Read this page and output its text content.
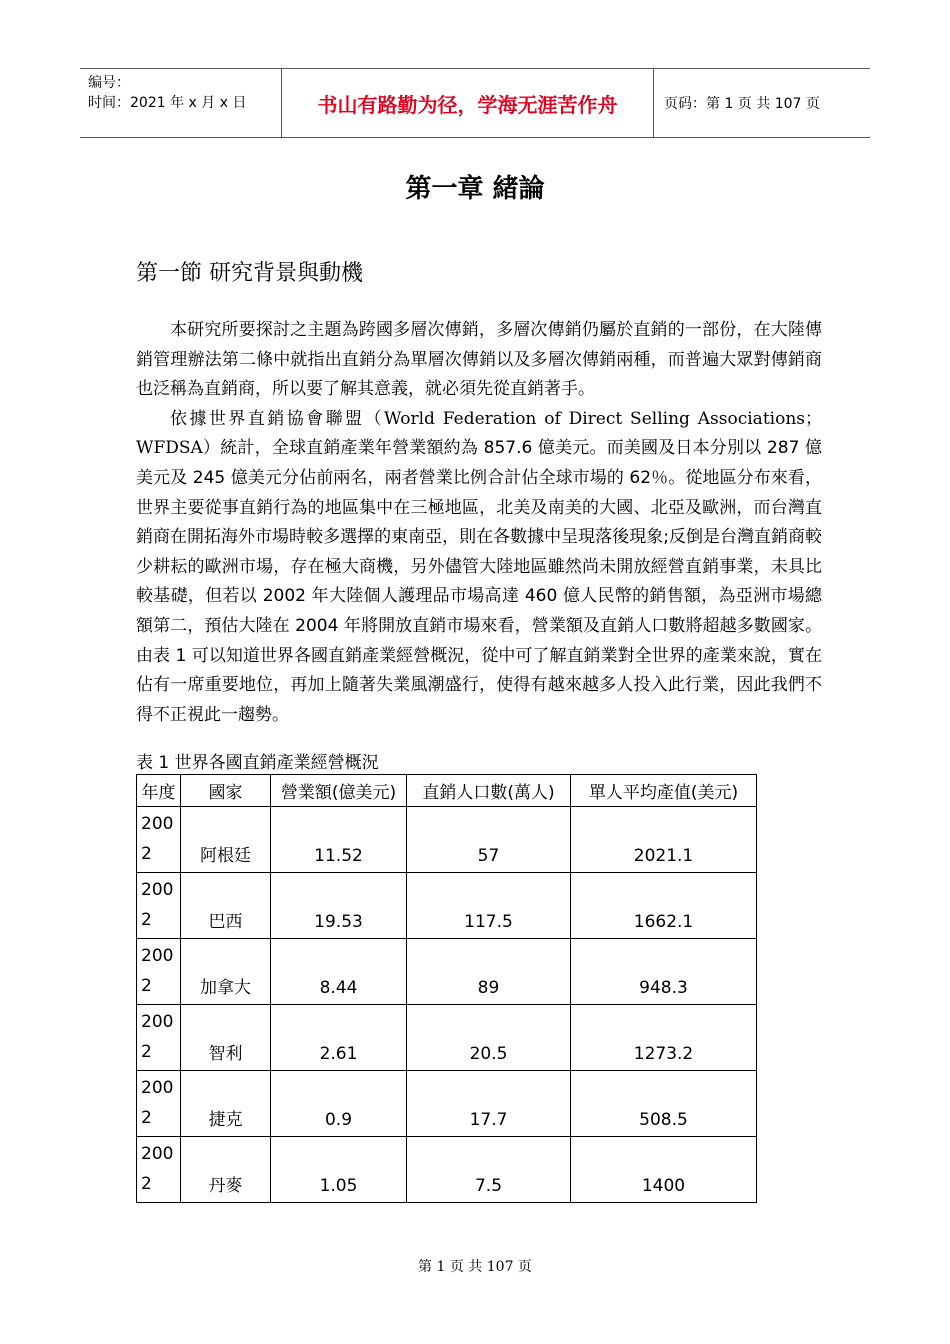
编号：
时间：2021 年 x 月 x 日	书山有路勤为径，学海无涯苦作舟	页码：第 1 页 共 107 页
第一章 緒論
第一節 研究背景與動機

本研究所要探討之主題為跨國多層次傳銷，多層次傳銷仍屬於直銷的一部份，在大陸傳銷管理辦法第二條中就指出直銷分為單層次傳銷以及多層次傳銷兩種，而普遍大眾對傳銷商也泛稱為直銷商，所以要了解其意義，就必須先從直銷著手。

依據世界直銷協會聯盟（World Federation of Direct Selling Associations；WFDSA）統計，全球直銷產業年營業額約為 857.6 億美元。而美國及日本分別以 287 億美元及 245 億美元分佔前兩名，兩者營業比例合計佔全球市場的 62％。從地區分布來看，世界主要從事直銷行為的地區集中在三極地區，北美及南美的大國、北亞及歐洲，而台灣直銷商在開拓海外市場時較多選擇的東南亞，則在各數據中呈現落後現象;反倒是台灣直銷商較少耕耘的歐洲市場，存在極大商機，另外儘管大陸地區雖然尚未開放經營直銷事業，未具比較基礎，但若以 2002 年大陸個人護理品市場高達 460 億人民幣的銷售額，為亞洲市場總額第二，預估大陸在 2004 年將開放直銷市場來看，營業額及直銷人口數將超越多數國家。由表 1 可以知道世界各國直銷產業經營概況，從中可了解直銷業對全世界的產業來說，實在佔有一席重要地位，再加上隨著失業風潮盛行，使得有越來越多人投入此行業，因此我們不得不正視此一趨勢。

表 1 世界各國直銷產業經營概況
年度	國家	營業額(億美元)	直銷人口數(萬人)	單人平均產值(美元)
200
2	阿根廷	11.52	57	2021.1
200
2	巴西	19.53	117.5	1662.1
200
2	加拿大	8.44	89	948.3
200
2	智利	2.61	20.5	1273.2
200
2	捷克	0.9	17.7	508.5
200
2	丹麥	1.05	7.5	1400
第 1 页 共 107 页
